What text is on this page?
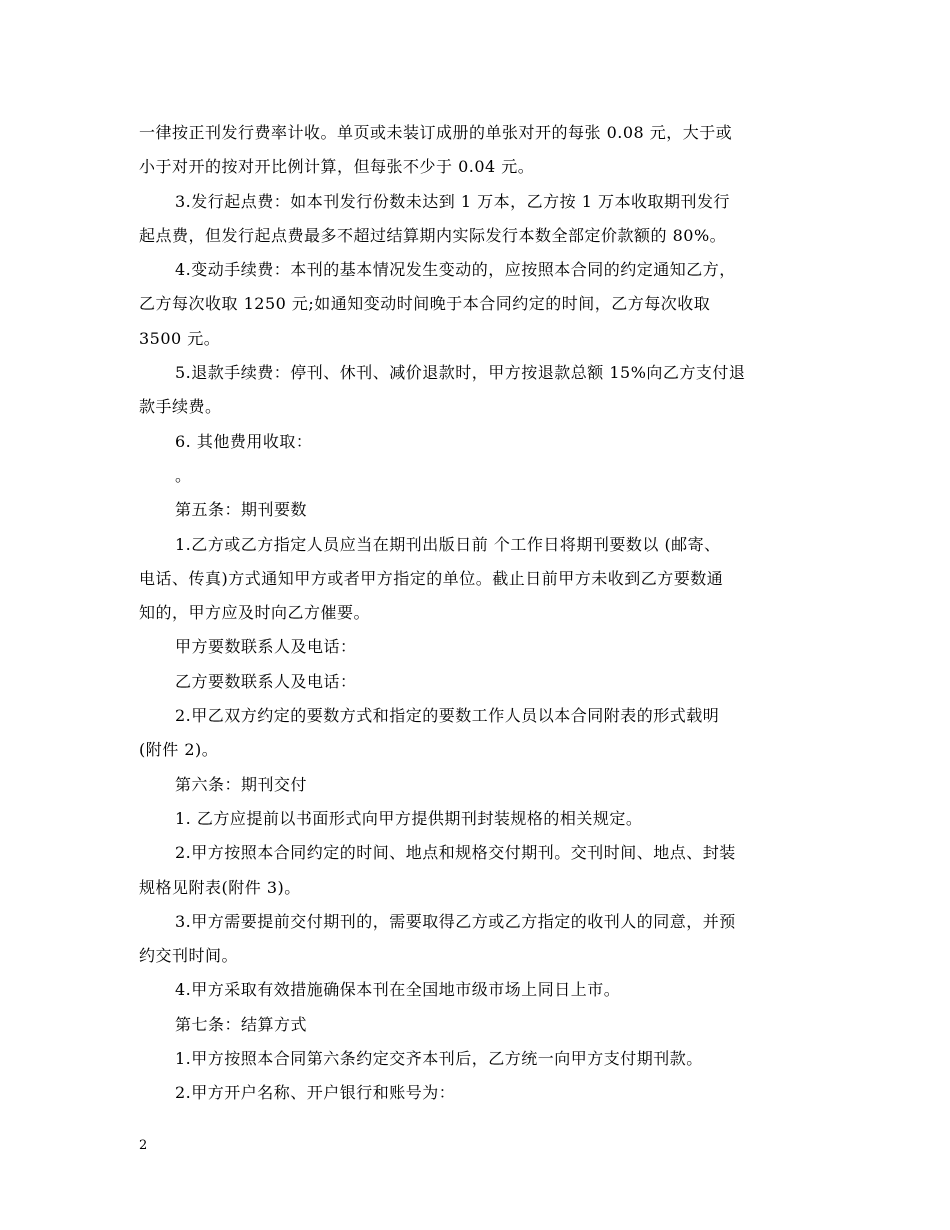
一律按正刊发行费率计收。单页或未装订成册的单张对开的每张 0.08 元，大于或
小于对开的按对开比例计算，但每张不少于 0.04 元。
3.发行起点费：如本刊发行份数未达到 1 万本，乙方按 1 万本收取期刊发行
起点费，但发行起点费最多不超过结算期内实际发行本数全部定价款额的 80%。
4.变动手续费：本刊的基本情况发生变动的，应按照本合同的约定通知乙方，
乙方每次收取 1250 元;如通知变动时间晚于本合同约定的时间，乙方每次收取
3500 元。
5.退款手续费：停刊、休刊、减价退款时，甲方按退款总额 15%向乙方支付退
款手续费。
6. 其他费用收取：
。
第五条：期刊要数
1.乙方或乙方指定人员应当在期刊出版日前 个工作日将期刊要数以 (邮寄、
电话、传真)方式通知甲方或者甲方指定的单位。截止日前甲方未收到乙方要数通
知的，甲方应及时向乙方催要。
甲方要数联系人及电话：
乙方要数联系人及电话：
2.甲乙双方约定的要数方式和指定的要数工作人员以本合同附表的形式载明
(附件 2)。
第六条：期刊交付
1. 乙方应提前以书面形式向甲方提供期刊封装规格的相关规定。
2.甲方按照本合同约定的时间、地点和规格交付期刊。交刊时间、地点、封装
规格见附表(附件 3)。
3.甲方需要提前交付期刊的，需要取得乙方或乙方指定的收刊人的同意，并预
约交刊时间。
4.甲方采取有效措施确保本刊在全国地市级市场上同日上市。
第七条：结算方式
1.甲方按照本合同第六条约定交齐本刊后，乙方统一向甲方支付期刊款。
2.甲方开户名称、开户银行和账号为：
2
